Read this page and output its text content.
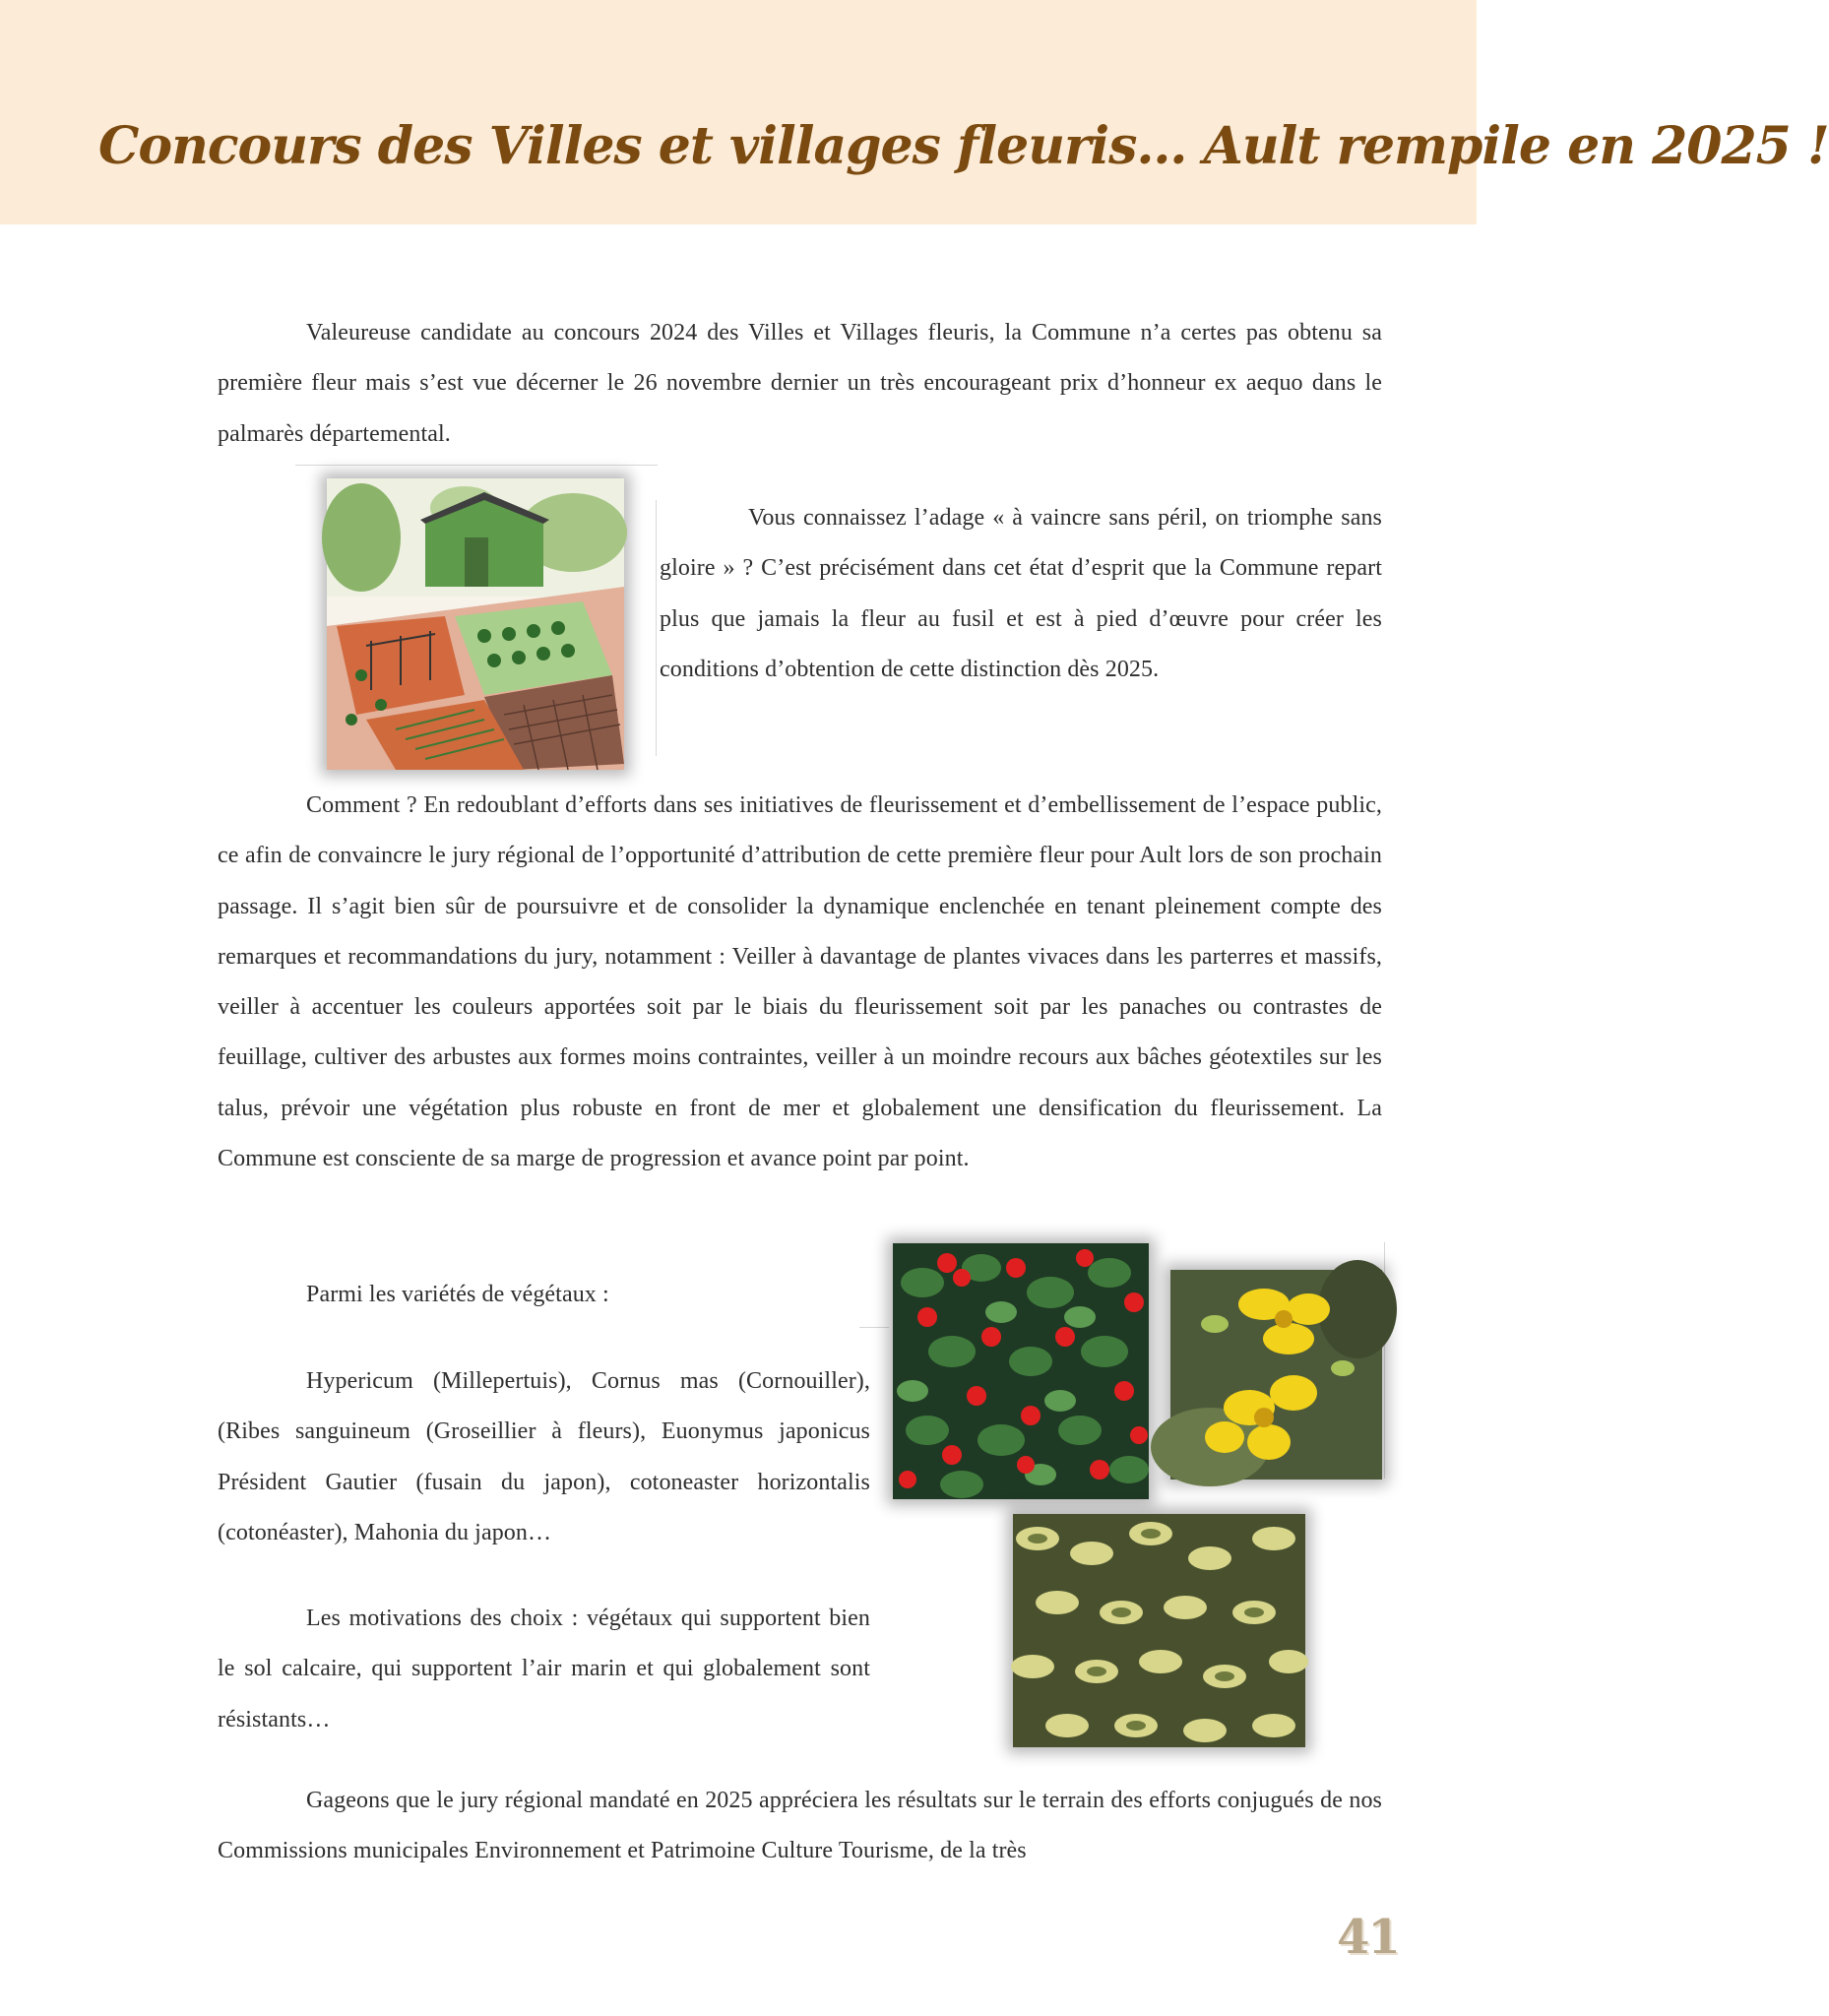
Concours des Villes et villages fleuris… Ault rempile en 2025 !

Valeureuse candidate au concours 2024 des Villes et Villages fleuris, la Commune n’a certes pas obtenu sa première fleur mais s’est vue décerner le 26 novembre dernier un très encourageant prix d’honneur ex aequo dans le palmarès départemental.

Vous connaissez l’adage « à vaincre sans péril, on triomphe sans gloire » ? C’est précisément dans cet état d’esprit que la Commune repart plus que jamais la fleur au fusil et est à pied d’œuvre pour créer les conditions d’obtention de cette distinction dès 2025.

Comment ? En redoublant d’efforts dans ses initiatives de fleurissement et d’embellissement de l’espace public, ce afin de convaincre le jury régional de l’opportunité d’attribution de cette première fleur pour Ault lors de son prochain passage. Il s’agit bien sûr de poursuivre et de consolider la dynamique enclenchée en tenant pleinement compte des remarques et recommandations du jury, notamment : Veiller à davantage de plantes vivaces dans les parterres et massifs, veiller à accentuer les couleurs apportées soit par le biais du fleurissement soit par les panaches ou contrastes de feuillage, cultiver des arbustes aux formes moins contraintes, veiller à un moindre recours aux bâches géotextiles sur les talus, prévoir une végétation plus robuste en front de mer et globalement une densification du fleurissement. La Commune est consciente de sa marge de progression et avance point par point.

Parmi les variétés de végétaux :

Hypericum (Millepertuis), Cornus mas (Cornouiller), (Ribes sanguineum (Groseillier à fleurs), Euonymus japonicus Président Gautier (fusain du japon), cotoneaster horizontalis (cotonéaster), Mahonia du japon…

Les motivations des choix : végétaux qui supportent bien le sol calcaire, qui supportent l’air marin et qui globalement sont résistants…

Gageons que le jury régional mandaté en 2025 appréciera les résultats sur le terrain des efforts conjugués de nos Commissions municipales Environnement et Patrimoine Culture Tourisme, de la très

41
